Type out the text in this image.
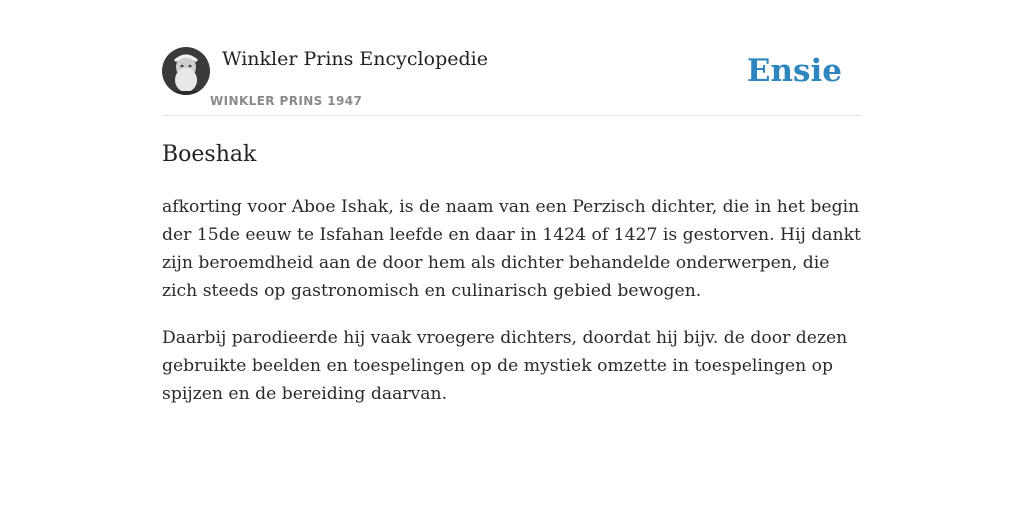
Winkler Prins Encyclopedie
WINKLER PRINS 1947
Ensie
Boeshak

afkorting voor Aboe Ishak, is de naam van een Perzisch dichter, die in het begin der 15de eeuw te Isfahan leefde en daar in 1424 of 1427 is gestorven. Hij dankt zijn beroemdheid aan de door hem als dichter behandelde onderwerpen, die zich steeds op gastronomisch en culinarisch gebied bewogen.

Daarbij parodieerde hij vaak vroegere dichters, doordat hij bijv. de door dezen gebruikte beelden en toespelingen op de mystiek omzette in toespelingen op spijzen en de bereiding daarvan.
